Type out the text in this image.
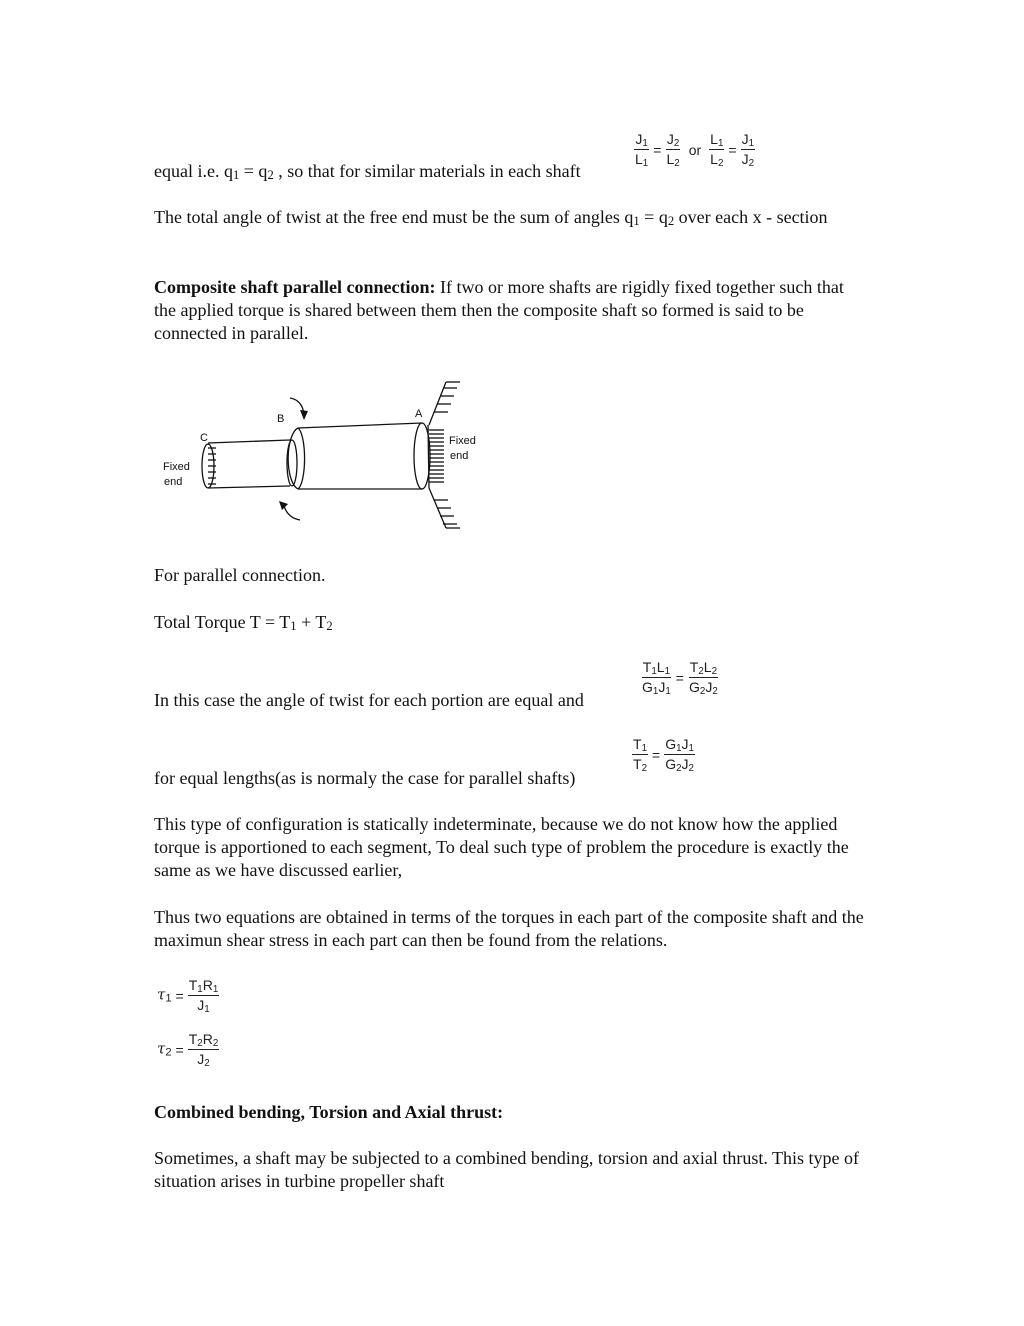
equal i.e. $q_1 = q_2$ , so that for similar materials in each shaft

$\frac{J_1}{L_1} = \frac{J_2}{L_2}$ or $\frac{L_1}{L_2} = \frac{J_1}{J_2}$

The total angle of twist at the free end must be the sum of angles $q_1 = q_2$ over each x - section

Composite shaft parallel connection: If two or more shafts are rigidly fixed together such that the applied torque is shared between them then the composite shaft so formed is said to be connected in parallel.

B	A
C
Fixed
end
Fixed
end

For parallel connection.

Total Torque $T = T_1 + T_2$

In this case the angle of twist for each portion are equal and

$\frac{T_1L_1}{G_1J_1} = \frac{T_2L_2}{G_2J_2}$

for equal lengths(as is normaly the case for parallel shafts)

$\frac{T_1}{T_2} = \frac{G_1J_1}{G_2J_2}$

This type of configuration is statically indeterminate, because we do not know how the applied torque is apportioned to each segment, To deal such type of problem the procedure is exactly the same as we have discussed earlier,

Thus two equations are obtained in terms of the torques in each part of the composite shaft and the maximun shear stress in each part can then be found from the relations.

$\tau_1 = \frac{T_1R_1}{J_1}$
$\tau_2 = \frac{T_2R_2}{J_2}$

Combined bending, Torsion and Axial thrust:

Sometimes, a shaft may be subjected to a combined bending, torsion and axial thrust. This type of situation arises in turbine propeller shaft
